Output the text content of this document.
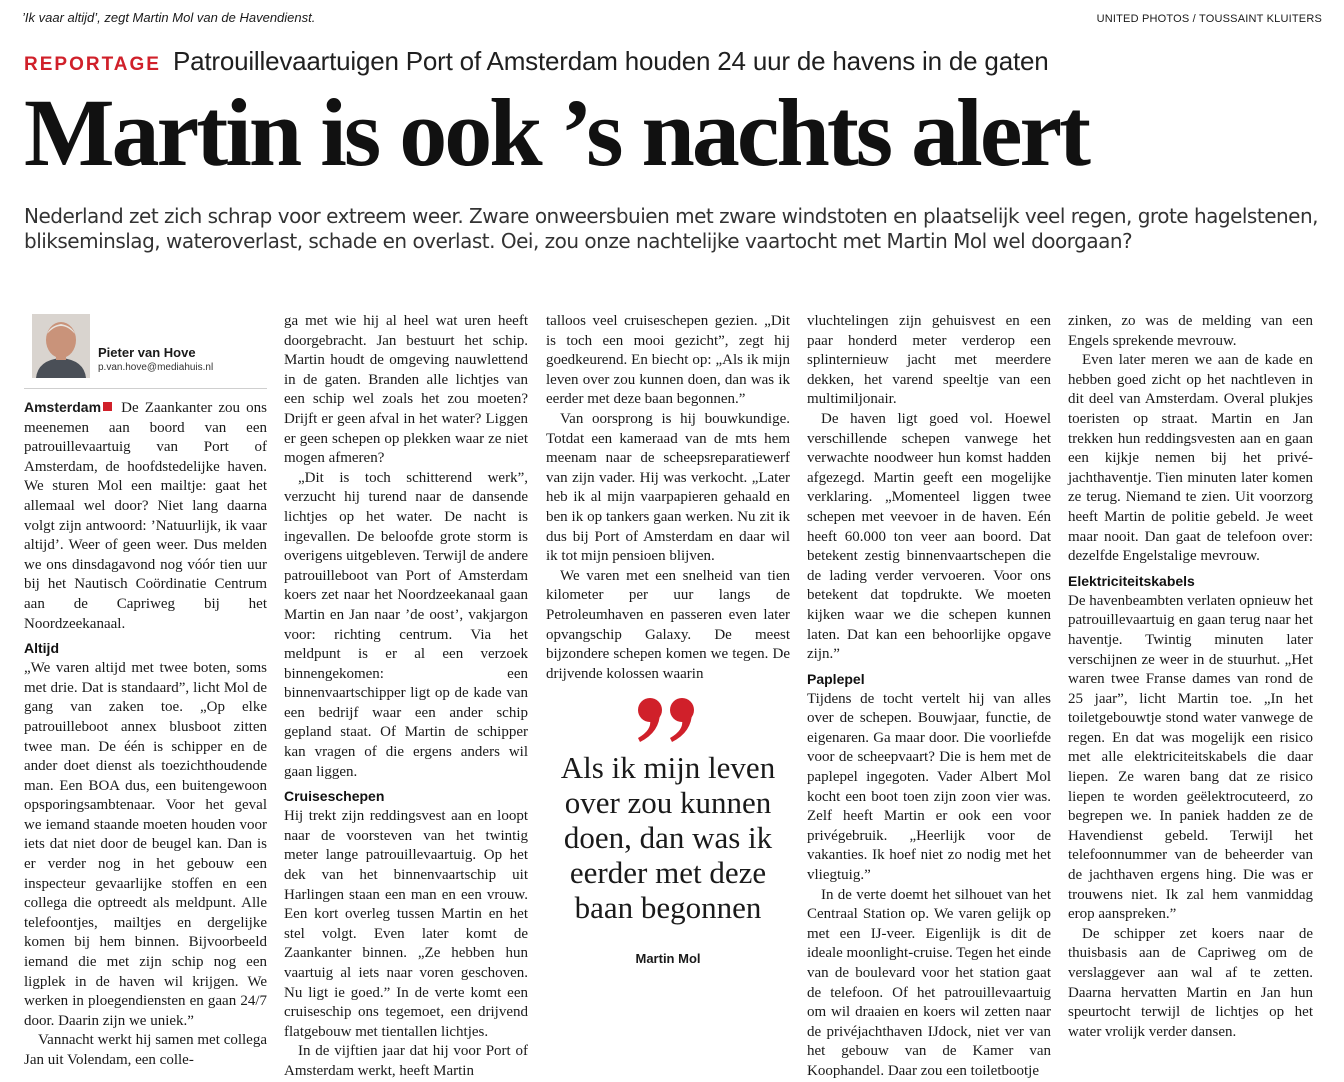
’Ik vaar altijd’, zegt Martin Mol van de Havendienst.	UNITED PHOTOS / TOUSSAINT KLUITERS
REPORTAGE Patrouillevaartuigen Port of Amsterdam houden 24 uur de havens in de gaten
Martin is ook ’s nachts alert

Nederland zet zich schrap voor extreem weer. Zware onweersbuien met zware windstoten en plaatselijk veel regen, grote hagelstenen, blikseminslag, wateroverlast, schade en overlast. Oei, zou onze nachtelijke vaartocht met Martin Mol wel doorgaan?

Pieter van Hove
p.van.hove@mediahuis.nl

Amsterdam De Zaankanter zou ons meenemen aan boord van een patrouillevaartuig van Port of Amsterdam, de hoofdstedelijke haven. We sturen Mol een mailtje: gaat het allemaal wel door? Niet lang daarna volgt zijn antwoord: ’Natuurlijk, ik vaar altijd’. Weer of geen weer. Dus melden we ons dinsdagavond nog vóór tien uur bij het Nautisch Coördinatie Centrum aan de Capriweg bij het Noordzeekanaal.

Altijd

„We varen altijd met twee boten, soms met drie. Dat is standaard”, licht Mol de gang van zaken toe. „Op elke patrouilleboot annex blusboot zitten twee man. De één is schipper en de ander doet dienst als toezichthoudende man. Een BOA dus, een buitengewoon opsporingsambtenaar. Voor het geval we iemand staande moeten houden voor iets dat niet door de beugel kan. Dan is er verder nog in het gebouw een inspecteur gevaarlijke stoffen en een collega die optreedt als meldpunt. Alle telefoontjes, mailtjes en dergelijke komen bij hem binnen. Bijvoorbeeld iemand die met zijn schip nog een ligplek in de haven wil krijgen. We werken in ploegendiensten en gaan 24/7 door. Daarin zijn we uniek.”

Vannacht werkt hij samen met collega Jan uit Volendam, een colle-

ga met wie hij al heel wat uren heeft doorgebracht. Jan bestuurt het schip. Martin houdt de omgeving nauwlettend in de gaten. Branden alle lichtjes van een schip wel zoals het zou moeten? Drijft er geen afval in het water? Liggen er geen schepen op plekken waar ze niet mogen afmeren?

„Dit is toch schitterend werk”, verzucht hij turend naar de dansende lichtjes op het water. De nacht is ingevallen. De beloofde grote storm is overigens uitgebleven. Terwijl de andere patrouilleboot van Port of Amsterdam koers zet naar het Noordzeekanaal gaan Martin en Jan naar ’de oost’, vakjargon voor: richting centrum. Via het meldpunt is er al een verzoek binnengekomen: een binnenvaartschipper ligt op de kade van een bedrijf waar een ander schip gepland staat. Of Martin de schipper kan vragen of die ergens anders wil gaan liggen.

Cruiseschepen

Hij trekt zijn reddingsvest aan en loopt naar de voorsteven van het twintig meter lange patrouillevaartuig. Op het dek van het binnenvaartschip uit Harlingen staan een man en een vrouw. Een kort overleg tussen Martin en het stel volgt. Even later komt de Zaankanter binnen. „Ze hebben hun vaartuig al iets naar voren geschoven. Nu ligt ie goed.” In de verte komt een cruiseschip ons tegemoet, een drijvend flatgebouw met tientallen lichtjes.

In de vijftien jaar dat hij voor Port of Amsterdam werkt, heeft Martin

talloos veel cruiseschepen gezien. „Dit is toch een mooi gezicht”, zegt hij goedkeurend. En biecht op: „Als ik mijn leven over zou kunnen doen, dan was ik eerder met deze baan begonnen.”

Van oorsprong is hij bouwkundige. Totdat een kameraad van de mts hem meenam naar de scheepsreparatiewerf van zijn vader. Hij was verkocht. „Later heb ik al mijn vaarpapieren gehaald en ben ik op tankers gaan werken. Nu zit ik dus bij Port of Amsterdam en daar wil ik tot mijn pensioen blijven.

We varen met een snelheid van tien kilometer per uur langs de Petroleumhaven en passeren even later opvangschip Galaxy. De meest bijzondere schepen komen we tegen. De drijvende kolossen waarin

Als ik mijn leven over zou kunnen doen, dan was ik eerder met deze baan begonnen
Martin Mol

vluchtelingen zijn gehuisvest en een paar honderd meter verderop een splinternieuw jacht met meerdere dekken, het varend speeltje van een multimiljonair.

De haven ligt goed vol. Hoewel verschillende schepen vanwege het verwachte noodweer hun komst hadden afgezegd. Martin geeft een mogelijke verklaring. „Momenteel liggen twee schepen met veevoer in de haven. Eén heeft 60.000 ton veer aan boord. Dat betekent zestig binnenvaartschepen die de lading verder vervoeren. Voor ons betekent dat topdrukte. We moeten kijken waar we die schepen kunnen laten. Dat kan een behoorlijke opgave zijn.”

Paplepel

Tijdens de tocht vertelt hij van alles over de schepen. Bouwjaar, functie, de eigenaren. Ga maar door. Die voorliefde voor de scheepvaart? Die is hem met de paplepel ingegoten. Vader Albert Mol kocht een boot toen zijn zoon vier was. Zelf heeft Martin er ook een voor privégebruik. „Heerlijk voor de vakanties. Ik hoef niet zo nodig met het vliegtuig.”

In de verte doemt het silhouet van het Centraal Station op. We varen gelijk op met een IJ-veer. Eigenlijk is dit de ideale moonlight-cruise. Tegen het einde van de boulevard voor het station gaat de telefoon. Of het patrouillevaartuig om wil draaien en koers wil zetten naar de privéjachthaven IJdock, niet ver van het gebouw van de Kamer van Koophandel. Daar zou een toiletbootje

zinken, zo was de melding van een Engels sprekende mevrouw.

Even later meren we aan de kade en hebben goed zicht op het nachtleven in dit deel van Amsterdam. Overal plukjes toeristen op straat. Martin en Jan trekken hun reddingsvesten aan en gaan een kijkje nemen bij het privé-jachthaventje. Tien minuten later komen ze terug. Niemand te zien. Uit voorzorg heeft Martin de politie gebeld. Je weet maar nooit. Dan gaat de telefoon over: dezelfde Engelstalige mevrouw.

Elektriciteitskabels

De havenbeambten verlaten opnieuw het patrouillevaartuig en gaan terug naar het haventje. Twintig minuten later verschijnen ze weer in de stuurhut. „Het waren twee Franse dames van rond de 25 jaar”, licht Martin toe. „In het toiletgebouwtje stond water vanwege de regen. En dat was mogelijk een risico met alle elektriciteitskabels die daar liepen. Ze waren bang dat ze risico liepen te worden geëlektrocuteerd, zo begrepen we. In paniek hadden ze de Havendienst gebeld. Terwijl het telefoonnummer van de beheerder van de jachthaven ergens hing. Die was er trouwens niet. Ik zal hem vanmiddag erop aanspreken.”

De schipper zet koers naar de thuisbasis aan de Capriweg om de verslaggever aan wal af te zetten. Daarna hervatten Martin en Jan hun speurtocht terwijl de lichtjes op het water vrolijk verder dansen.
